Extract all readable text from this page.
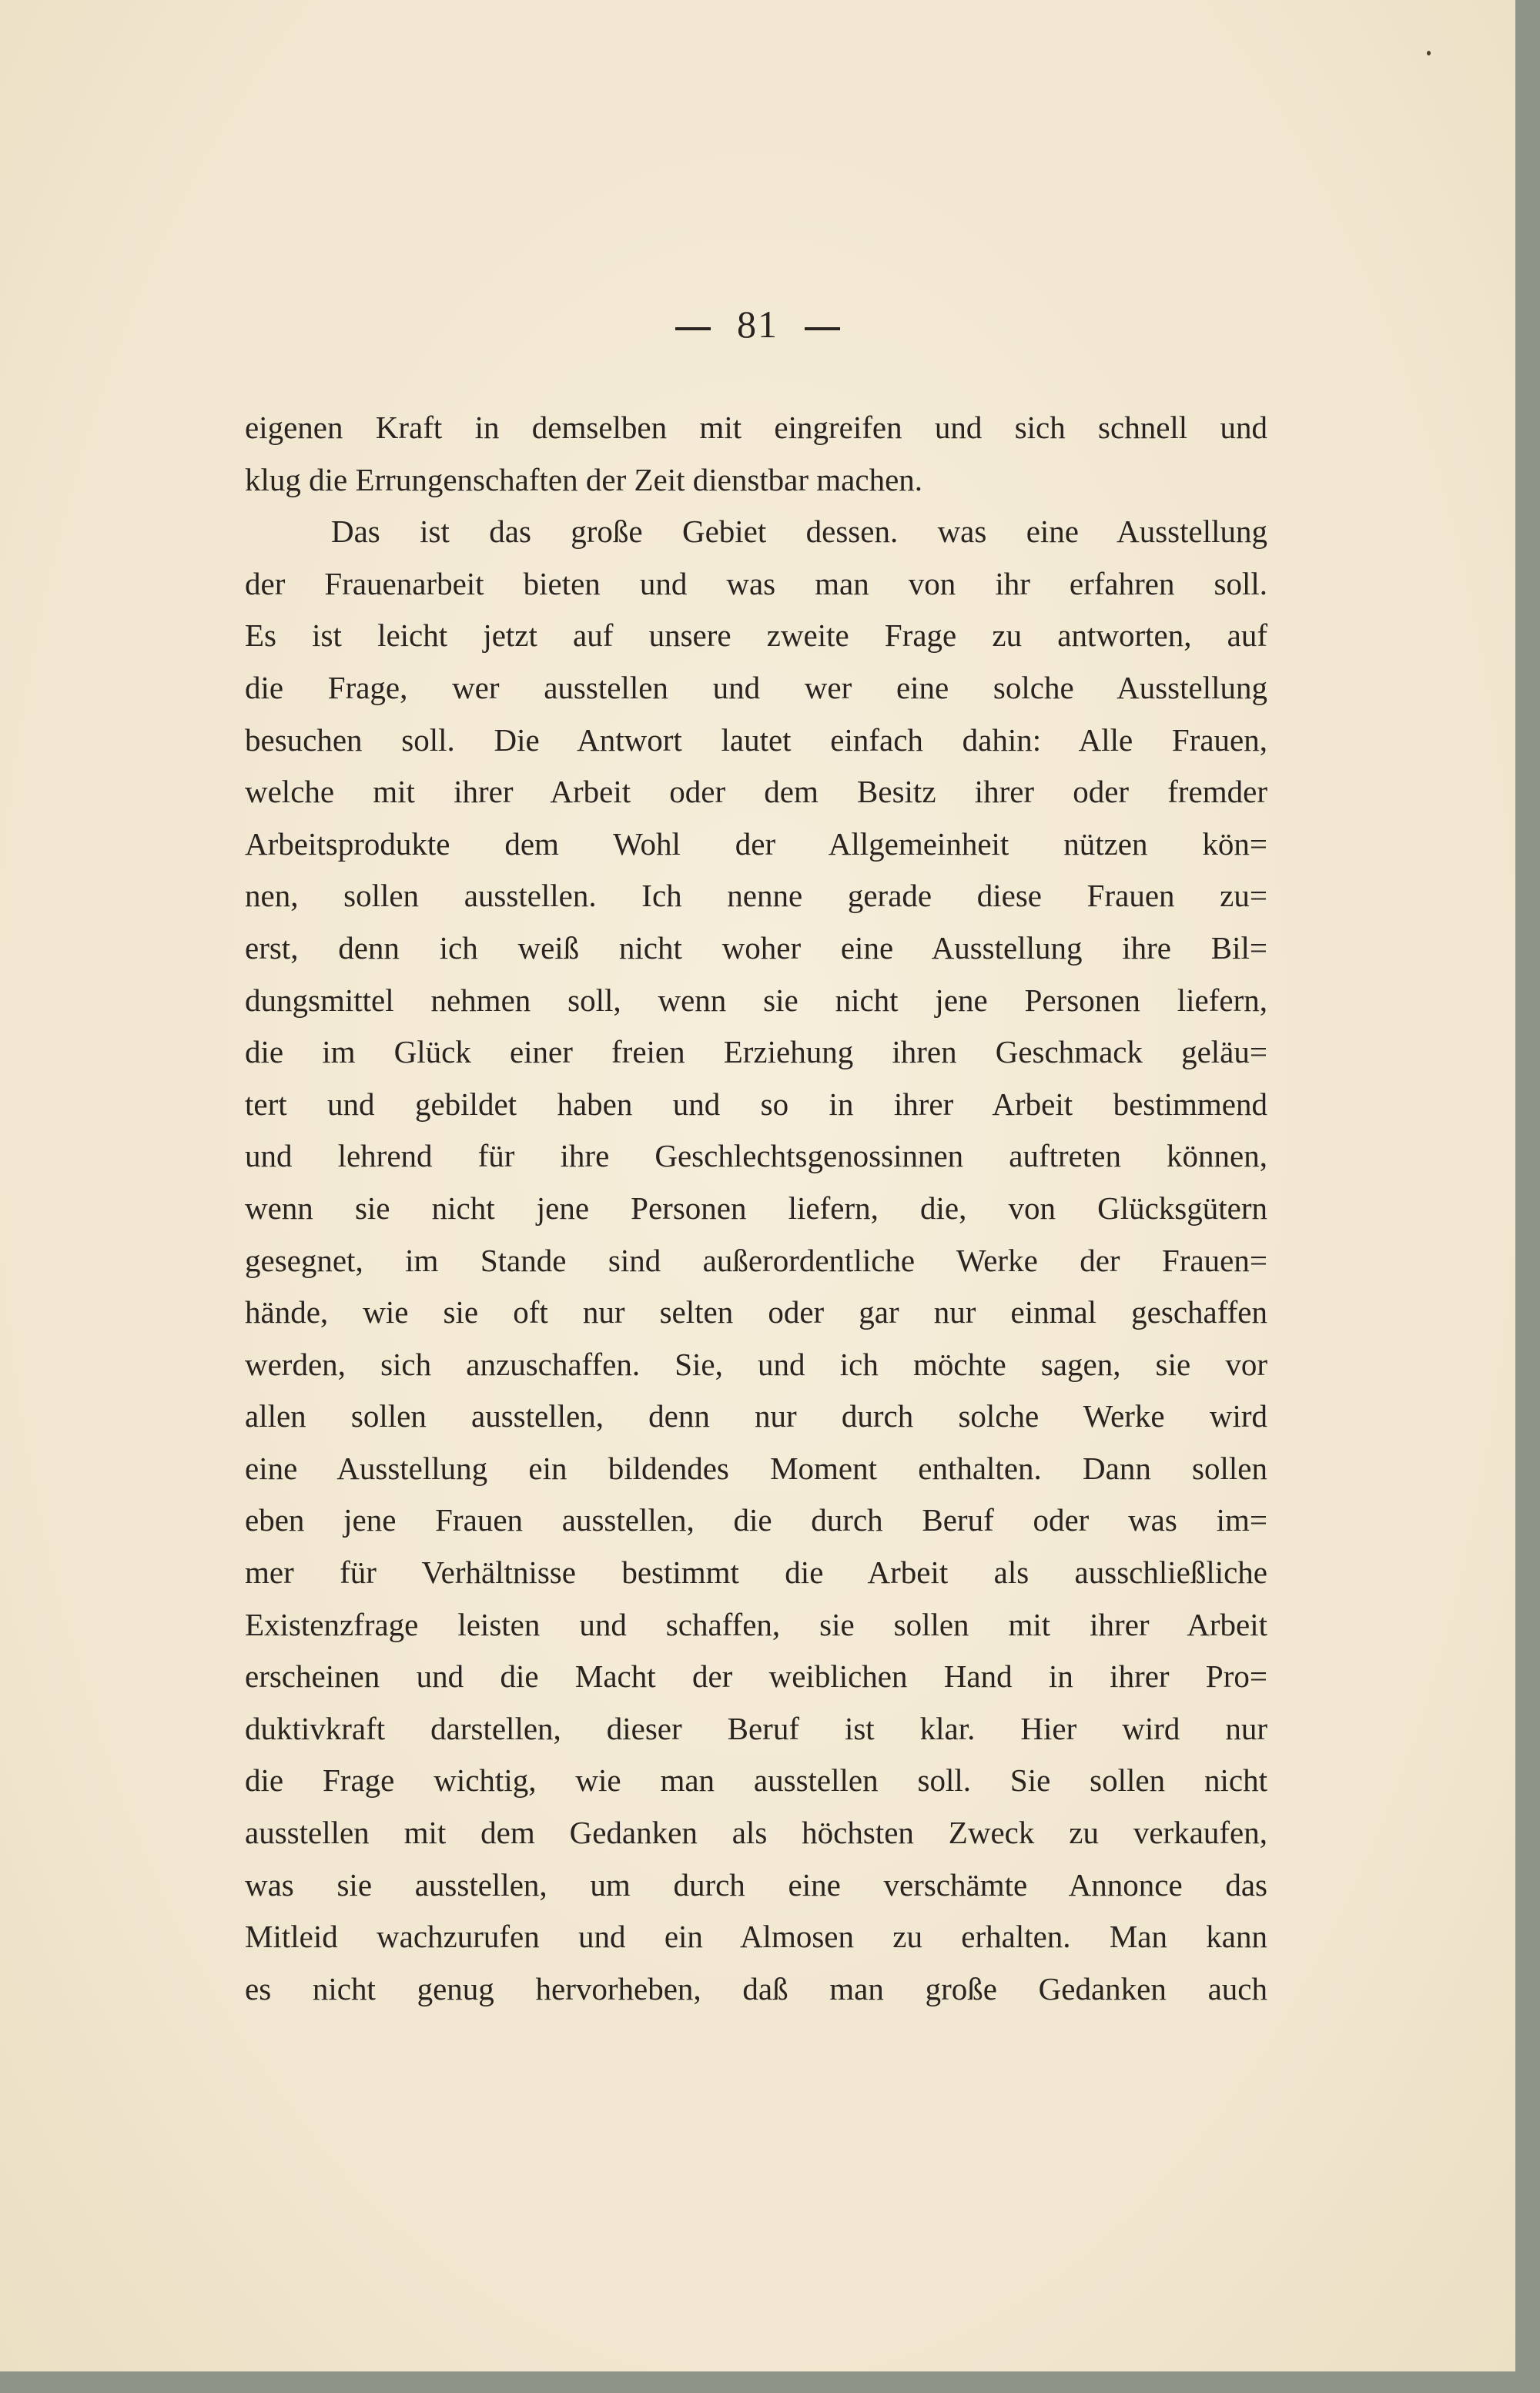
81
eigenen Kraft in demselben mit eingreifen und sich schnell und
klug die Errungenschaften der Zeit dienstbar machen.
Das ist das große Gebiet dessen. was eine Ausstellung
der Frauenarbeit bieten und was man von ihr erfahren soll.
Es ist leicht jetzt auf unsere zweite Frage zu antworten, auf
die Frage, wer ausstellen und wer eine solche Ausstellung
besuchen soll. Die Antwort lautet einfach dahin: Alle Frauen,
welche mit ihrer Arbeit oder dem Besitz ihrer oder fremder
Arbeitsprodukte dem Wohl der Allgemeinheit nützen kön=
nen, sollen ausstellen. Ich nenne gerade diese Frauen zu=
erst, denn ich weiß nicht woher eine Ausstellung ihre Bil=
dungsmittel nehmen soll, wenn sie nicht jene Personen liefern,
die im Glück einer freien Erziehung ihren Geschmack geläu=
tert und gebildet haben und so in ihrer Arbeit bestimmend
und lehrend für ihre Geschlechtsgenossinnen auftreten können,
wenn sie nicht jene Personen liefern, die, von Glücksgütern
gesegnet, im Stande sind außerordentliche Werke der Frauen=
hände, wie sie oft nur selten oder gar nur einmal geschaffen
werden, sich anzuschaffen. Sie, und ich möchte sagen, sie vor
allen sollen ausstellen, denn nur durch solche Werke wird
eine Ausstellung ein bildendes Moment enthalten. Dann sollen
eben jene Frauen ausstellen, die durch Beruf oder was im=
mer für Verhältnisse bestimmt die Arbeit als ausschließliche
Existenzfrage leisten und schaffen, sie sollen mit ihrer Arbeit
erscheinen und die Macht der weiblichen Hand in ihrer Pro=
duktivkraft darstellen, dieser Beruf ist klar. Hier wird nur
die Frage wichtig, wie man ausstellen soll. Sie sollen nicht
ausstellen mit dem Gedanken als höchsten Zweck zu verkaufen,
was sie ausstellen, um durch eine verschämte Annonce das
Mitleid wachzurufen und ein Almosen zu erhalten. Man kann
es nicht genug hervorheben, daß man große Gedanken auch
